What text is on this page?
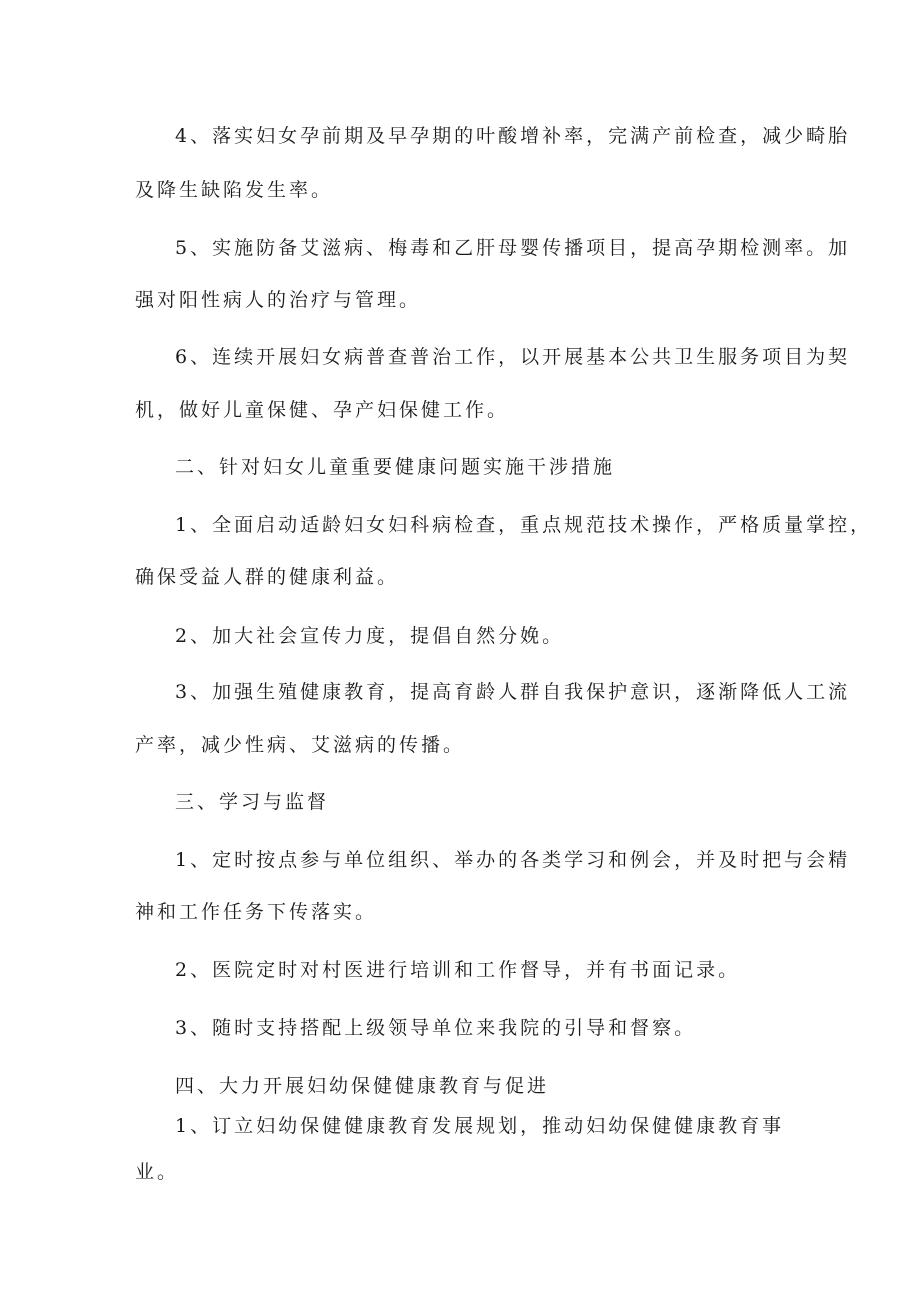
4、落实妇女孕前期及早孕期的叶酸增补率，完满产前检查，减少畸胎
及降生缺陷发生率。
5、实施防备艾滋病、梅毒和乙肝母婴传播项目，提高孕期检测率。加
强对阳性病人的治疗与管理。
6、连续开展妇女病普查普治工作，以开展基本公共卫生服务项目为契
机，做好儿童保健、孕产妇保健工作。
二、针对妇女儿童重要健康问题实施干涉措施
1、全面启动适龄妇女妇科病检查，重点规范技术操作，严格质量掌控，
确保受益人群的健康利益。
2、加大社会宣传力度，提倡自然分娩。
3、加强生殖健康教育，提高育龄人群自我保护意识，逐渐降低人工流
产率，减少性病、艾滋病的传播。
三、学习与监督
1、定时按点参与单位组织、举办的各类学习和例会，并及时把与会精
神和工作任务下传落实。
2、医院定时对村医进行培训和工作督导，并有书面记录。
3、随时支持搭配上级领导单位来我院的引导和督察。
四、大力开展妇幼保健健康教育与促进
1、订立妇幼保健健康教育发展规划，推动妇幼保健健康教育事
业。
